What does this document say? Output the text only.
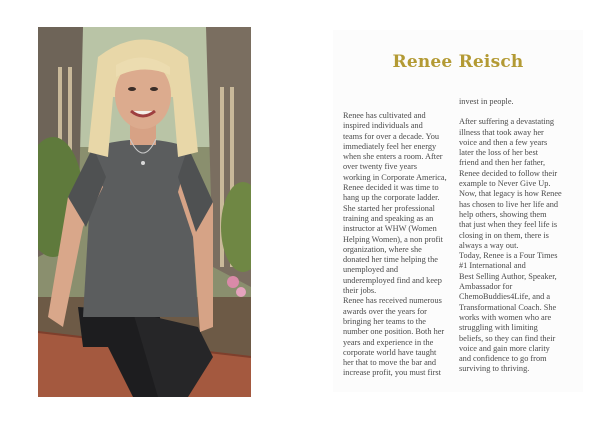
Renee Reisch

Renee has cultivated and
inspired individuals and
teams for over a decade. You
immediately feel her energy
when she enters a room. After
over twenty five years
working in Corporate America,
Renee decided it was time to
hang up the corporate ladder.
She started her professional
training and speaking as an
instructor at WHW (Women
Helping Women), a non profit
organization, where she
donated her time helping the
unemployed and
underemployed find and keep
their jobs.

Renee has received numerous
awards over the years for
bringing her teams to the
number one position. Both her
years and experience in the
corporate world have taught
her that to move the bar and
increase profit, you must first

invest in people.

After suffering a devastating
illness that took away her
voice and then a few years
later the loss of her best
friend and then her father,
Renee decided to follow their
example to Never Give Up.
Now, that legacy is how Renee
has chosen to live her life and
help others, showing them
that just when they feel life is
closing in on them, there is
always a way out.

Today, Renee is a Four Times
#1 International and
Best Selling Author, Speaker,
Ambassador for
ChemoBuddies4Life, and a
Transformational Coach. She
works with women who are
struggling with limiting
beliefs, so they can find their
voice and gain more clarity
and confidence to go from
surviving to thriving.
